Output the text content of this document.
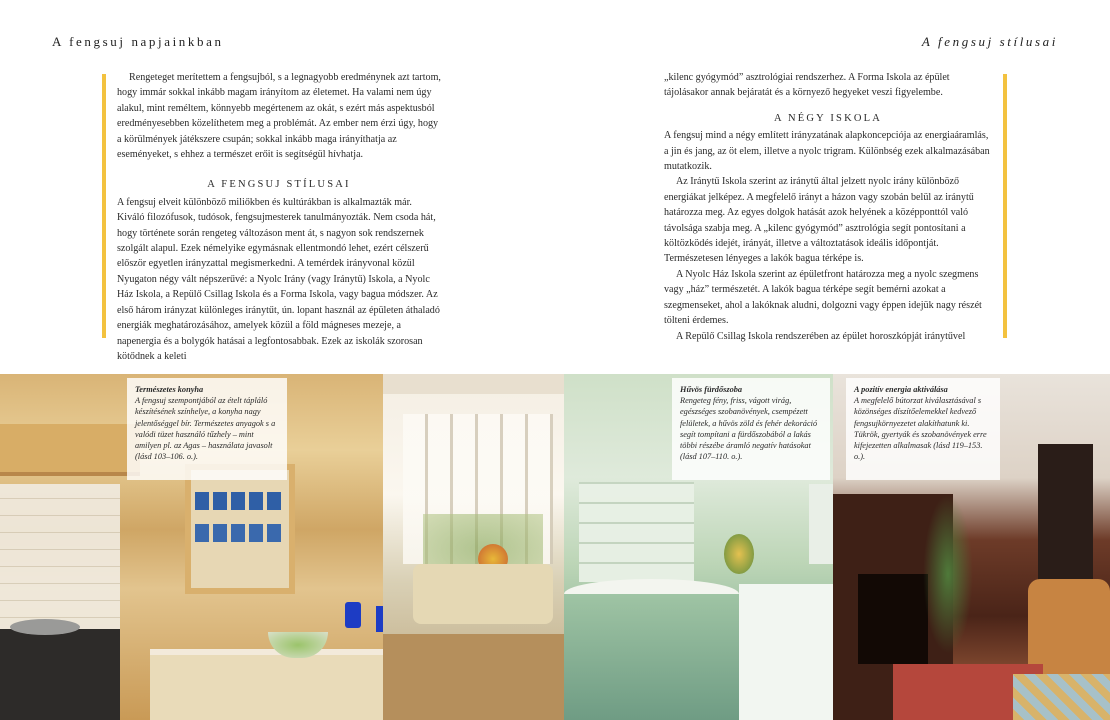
A fengsuj napjainkban	A fengsuj stílusai

Rengeteget merítettem a fengsujból, s a legnagyobb eredménynek azt tartom, hogy immár sokkal inkább magam irányítom az életemet. Ha valami nem úgy alakul, mint reméltem, könnyebb megértenem az okát, s ezért más aspektusból eredményesebben közelíthetem meg a problémát. Az ember nem érzi úgy, hogy a körülmények játékszere csupán; sokkal inkább maga irányíthatja az eseményeket, s ehhez a természet erőit is segítségül hívhatja.

A FENGSUJ STÍLUSAI

A fengsuj elveit különböző miliőkben és kultúrákban is alkalmazták már. Kiváló filozófusok, tudósok, fengsujmesterek tanulmányozták. Nem csoda hát, hogy története során rengeteg változáson ment át, s nagyon sok rendszernek szolgált alapul. Ezek némelyike egymásnak ellentmondó lehet, ezért célszerű először egyetlen irányzattal megismerkedni. A temérdek irányvonal közül Nyugaton négy vált népszerűvé: a Nyolc Irány (vagy Iránytű) Iskola, a Nyolc Ház Iskola, a Repülő Csillag Iskola és a Forma Iskola, vagy bagua módszer. Az első három irányzat különleges iránytűt, ún. lopant használ az épületen áthaladó energiák meghatározásához, amelyek közül a föld mágneses mezeje, a napenergia és a bolygók hatásai a legfontosabbak. Ezek az iskolák szorosan kötődnek a keleti

„kilenc gyógymód” asztrológiai rendszerhez. A Forma Iskola az épület tájolásakor annak bejáratát és a környező hegyeket veszi figyelembe.

A NÉGY ISKOLA

A fengsuj mind a négy említett irányzatának alapkoncepciója az energiaáramlás, a jin és jang, az öt elem, illetve a nyolc trigram. Különbség ezek alkalmazásában mutatkozik.

Az Iránytű Iskola szerint az iránytű által jelzett nyolc irány különböző energiákat jelképez. A megfelelő irányt a házon vagy szobán belül az iránytű határozza meg. Az egyes dolgok hatását azok helyének a középponttól való távolsága szabja meg. A „kilenc gyógymód” asztrológia segít pontosítani a költözködés idejét, irányát, illetve a változtatások ideális időpontját. Természetesen lényeges a lakók bagua térképe is.

A Nyolc Ház Iskola szerint az épületfront határozza meg a nyolc szegmens vagy „ház” természetét. A lakók bagua térképe segít bemérni azokat a szegmenseket, ahol a lakóknak aludni, dolgozni vagy éppen idejük nagy részét tölteni érdemes.

A Repülő Csillag Iskola rendszerében az épület horoszkópját iránytűvel

Természetes konyha
A fengsuj szempontjából az ételt tápláló készítésének színhelye, a konyha nagy jelentőséggel bír. Természetes anyagok s a valódi tüzet használó tűzhely – mint amilyen pl. az Agas – használata javasolt (lásd 103–106. o.).
Hűvös fürdőszoba
Rengeteg fény, friss, vágott virág, egészséges szobanövények, csempézett felületek, a hűvös zöld és fehér dekoráció segít tompítani a fürdőszobából a lakás többi részébe áramló negatív hatásokat (lásd 107–110. o.).
A pozitív energia aktiválása
A megfelelő bútorzat kiválasztásával s közönséges díszítőelemekkel kedvező fengsujkörnyezetet alakíthatunk ki. Tükrök, gyertyák és szobanövények erre kifejezetten alkalmasak (lásd 119–153. o.).
